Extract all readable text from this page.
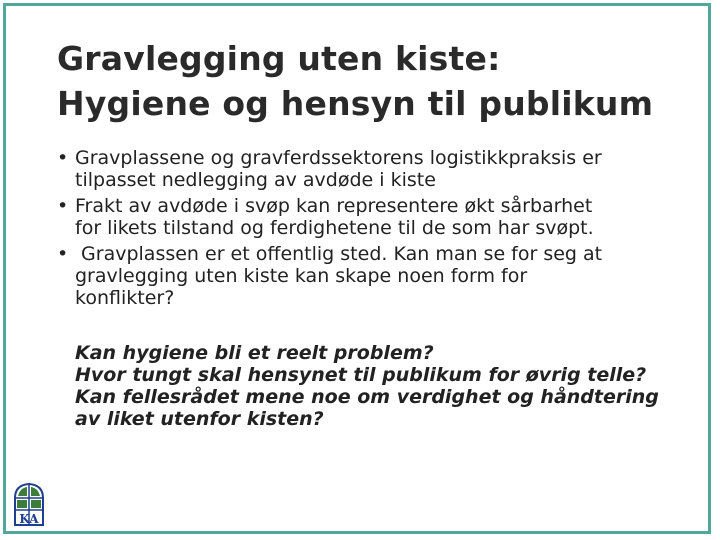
Gravlegging uten kiste:
Hygiene og hensyn til publikum
• Gravplassene og gravferdssektorens logistikkpraksis er
tilpasset nedlegging av avdøde i kiste
• Frakt av avdøde i svøp kan representere økt sårbarhet
for likets tilstand og ferdighetene til de som har svøpt.
• Gravplassen er et offentlig sted. Kan man se for seg at
gravlegging uten kiste kan skape noen form for
konflikter?
Kan hygiene bli et reelt problem?
Hvor tungt skal hensynet til publikum for øvrig telle?
Kan fellesrådet mene noe om verdighet og håndtering
av liket utenfor kisten?
KA
